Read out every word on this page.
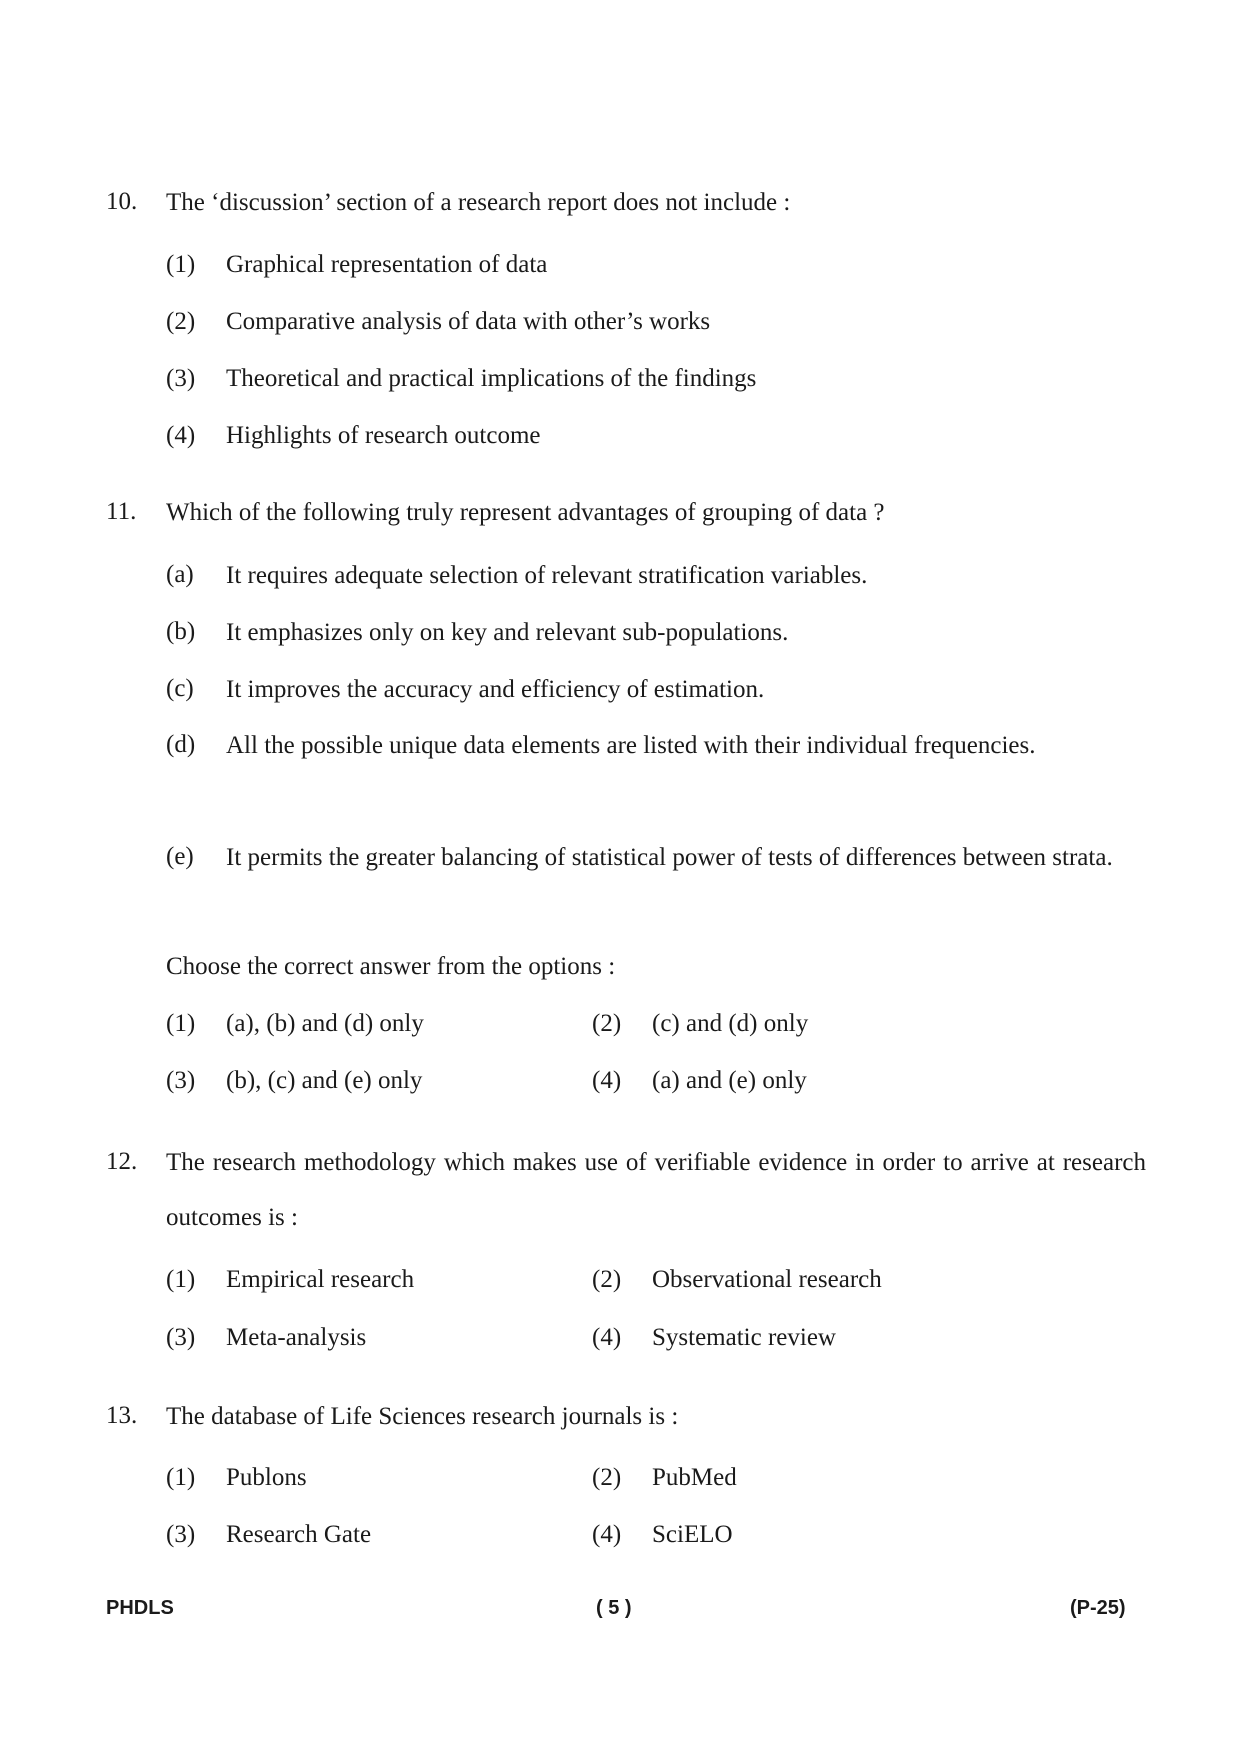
10. The ‘discussion’ section of a research report does not include :
(1) Graphical representation of data
(2) Comparative analysis of data with other’s works
(3) Theoretical and practical implications of the findings
(4) Highlights of research outcome
11. Which of the following truly represent advantages of grouping of data ?
(a) It requires adequate selection of relevant stratification variables.
(b) It emphasizes only on key and relevant sub-populations.
(c) It improves the accuracy and efficiency of estimation.
(d) All the possible unique data elements are listed with their individual frequencies.
(e) It permits the greater balancing of statistical power of tests of differences between strata.
Choose the correct answer from the options :
(1) (a), (b) and (d) only	(2) (c) and (d) only
(3) (b), (c) and (e) only	(4) (a) and (e) only
12. The research methodology which makes use of verifiable evidence in order to arrive at research outcomes is :
(1) Empirical research	(2) Observational research
(3) Meta-analysis	(4) Systematic review
13. The database of Life Sciences research journals is :
(1) Publons	(2) PubMed
(3) Research Gate	(4) SciELO
PHDLS	( 5 )	(P-25)
